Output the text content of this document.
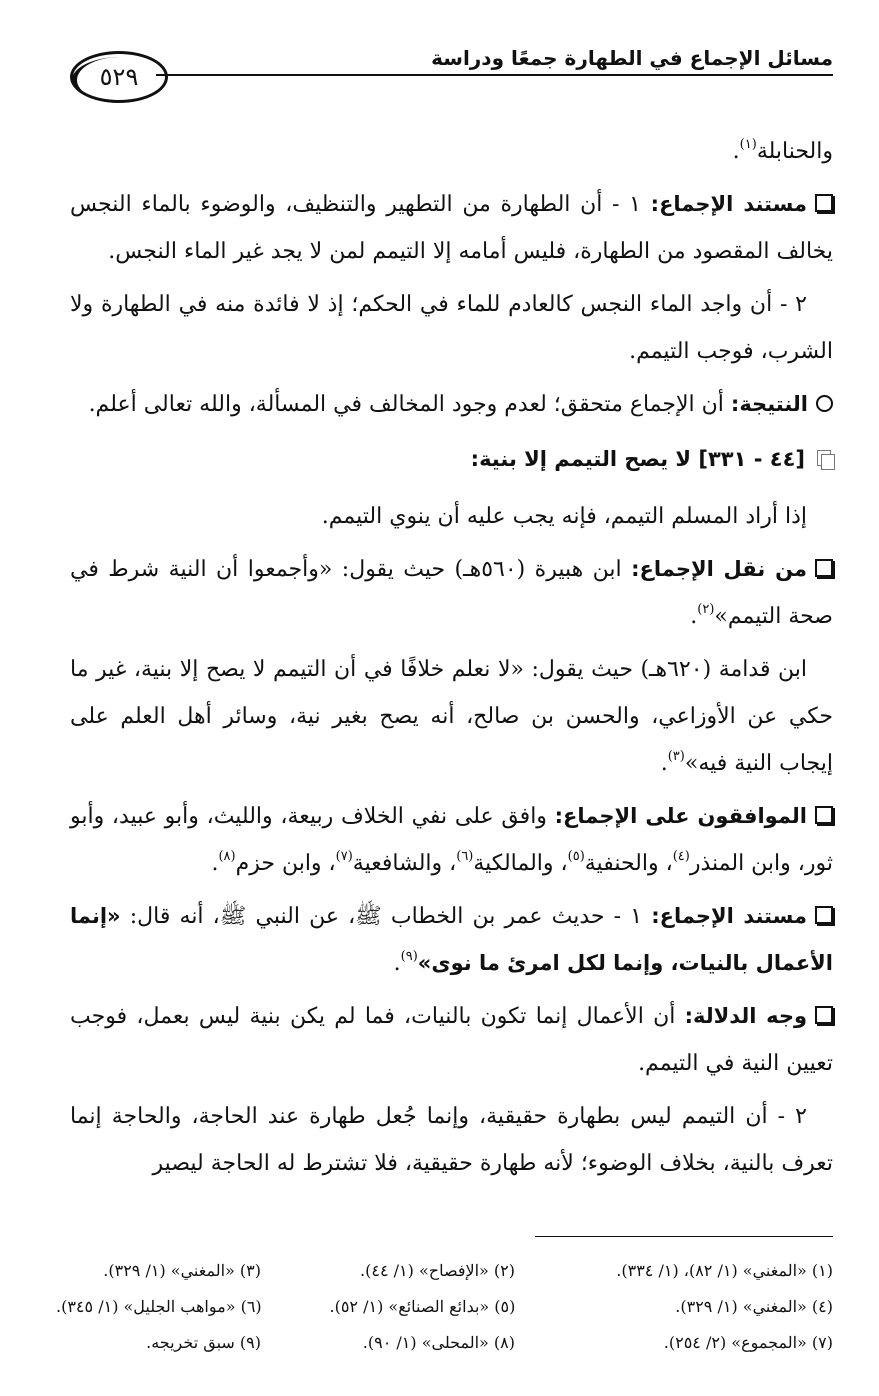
مسائل الإجماع في الطهارة جمعًا ودراسة
٥٢٩

والحنابلة$^{(١)}$.

مستند الإجماع: ١ - أن الطهارة من التطهير والتنظيف، والوضوء بالماء النجس يخالف المقصود من الطهارة، فليس أمامه إلا التيمم لمن لا يجد غير الماء النجس.

٢ - أن واجد الماء النجس كالعادم للماء في الحكم؛ إذ لا فائدة منه في الطهارة ولا الشرب، فوجب التيمم.

النتيجة: أن الإجماع متحقق؛ لعدم وجود المخالف في المسألة، والله تعالى أعلم.

[٤٤ - ٣٣١] لا يصح التيمم إلا بنية:

إذا أراد المسلم التيمم، فإنه يجب عليه أن ينوي التيمم.

من نقل الإجماع: ابن هبيرة (٥٦٠هـ) حيث يقول: «وأجمعوا أن النية شرط في صحة التيمم»$^{(٢)}$.

ابن قدامة (٦٢٠هـ) حيث يقول: «لا نعلم خلافًا في أن التيمم لا يصح إلا بنية، غير ما حكي عن الأوزاعي، والحسن بن صالح، أنه يصح بغير نية، وسائر أهل العلم على إيجاب النية فيه»$^{(٣)}$.

الموافقون على الإجماع: وافق على نفي الخلاف ربيعة، والليث، وأبو عبيد، وأبو ثور، وابن المنذر$^{(٤)}$، والحنفية$^{(٥)}$، والمالكية$^{(٦)}$، والشافعية$^{(٧)}$، وابن حزم$^{(٨)}$.

مستند الإجماع: ١ - حديث عمر بن الخطاب ﷺ، عن النبي ﷺ، أنه قال: «إنما الأعمال بالنيات، وإنما لكل امرئ ما نوى»$^{(٩)}$.

وجه الدلالة: أن الأعمال إنما تكون بالنيات، فما لم يكن بنية ليس بعمل، فوجب تعيين النية في التيمم.

٢ - أن التيمم ليس بطهارة حقيقية، وإنما جُعل طهارة عند الحاجة، والحاجة إنما تعرف بالنية، بخلاف الوضوء؛ لأنه طهارة حقيقية، فلا تشترط له الحاجة ليصير

(١) «المغني» (١/ ٨٢)، (١/ ٣٣٤).
(٢) «الإفصاح» (١/ ٤٤).
(٣) «المغني» (١/ ٣٢٩).
(٤) «المغني» (١/ ٣٢٩).
(٥) «بدائع الصنائع» (١/ ٥٢).
(٦) «مواهب الجليل» (١/ ٣٤٥).
(٧) «المجموع» (٢/ ٢٥٤).
(٨) «المحلى» (١/ ٩٠).
(٩) سبق تخريجه.
